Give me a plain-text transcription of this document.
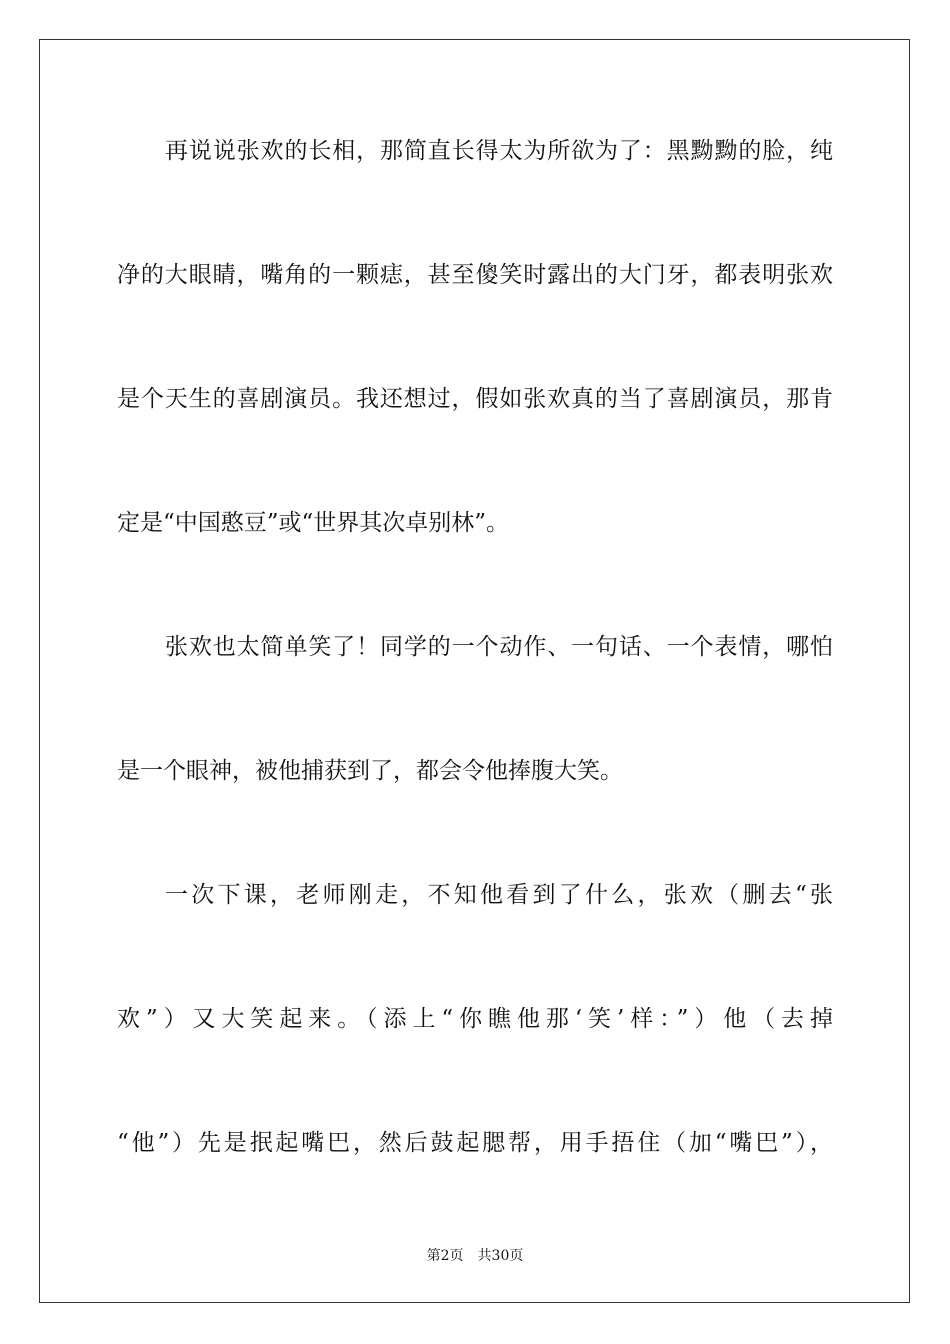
再说说张欢的长相，那简直长得太为所欲为了：黑黝黝的脸，纯
净的大眼睛，嘴角的一颗痣，甚至傻笑时露出的大门牙，都表明张欢
是个天生的喜剧演员。我还想过，假如张欢真的当了喜剧演员，那肯
定是“中国憨豆”或“世界其次卓别林”。
张欢也太简单笑了！同学的一个动作、一句话、一个表情，哪怕
是一个眼神，被他捕获到了，都会令他捧腹大笑。
一次下课，老师刚走，不知他看到了什么，张欢（删去“张
欢”）又大笑起来。（添上“你瞧他那‘笑’样：”）他（去掉
“他”）先是抿起嘴巴，然后鼓起腮帮，用手捂住（加“嘴巴”），
第2页 共30页
